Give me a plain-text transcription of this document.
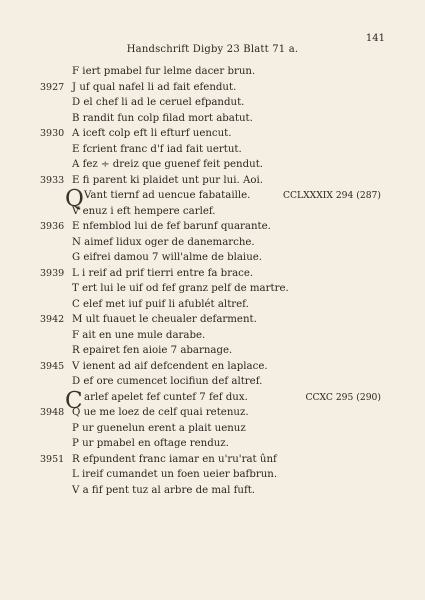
141
Handschrift Digby 23 Blatt 71 a.
F iert pmabel fur lelme dacer brun.
3927 J uf qual nafel li ad fait efendut.
D el chef li ad le ceruel efpandut.
B randit fun colp filad mort abatut.
3930 A iceft colp eft li efturf uencut.
E fcrient franc d'f iad fait uertut.
A fez ÷ dreiz que guenef feit pendut.
3933 E fi parent ki plaidet unt pur lui. Aoi.
Q Vant tiernf ad uencue fabataille.	CCLXXXIX 294 (287)
V enuz i eft hempere carlef.
3936 E nfemblod lui de fef barunf quarante.
N aimef lidux oger de danemarche.
G eifrei damou 7 will'alme de blaiue.
3939 L i reif ad prif tierri entre fa brace.
T ert lui le uif od fef granz pelf de martre.
C elef met iuf puif li afublét altref.
3942 M ult fuauet le cheualer defarment.
F ait en une mule darabe.
R epairet fen aioie 7 abarnage.
3945 V ienent ad aif defcendent en laplace.
D ef ore cumencet locifiun def altref.
C arlef apelet fef cuntef 7 fef dux.	CCXC 295 (290)
3948 Q ue me loez de celf quai retenuz.
P ur guenelun erent a plait uenuz
P ur pmabel en oftage renduz.
3951 R efpundent franc iamar en u'ru'rat ûnf
L ireif cumandet un foen ueier bafbrun.
V a fif pent tuz al arbre de mal fuft.
